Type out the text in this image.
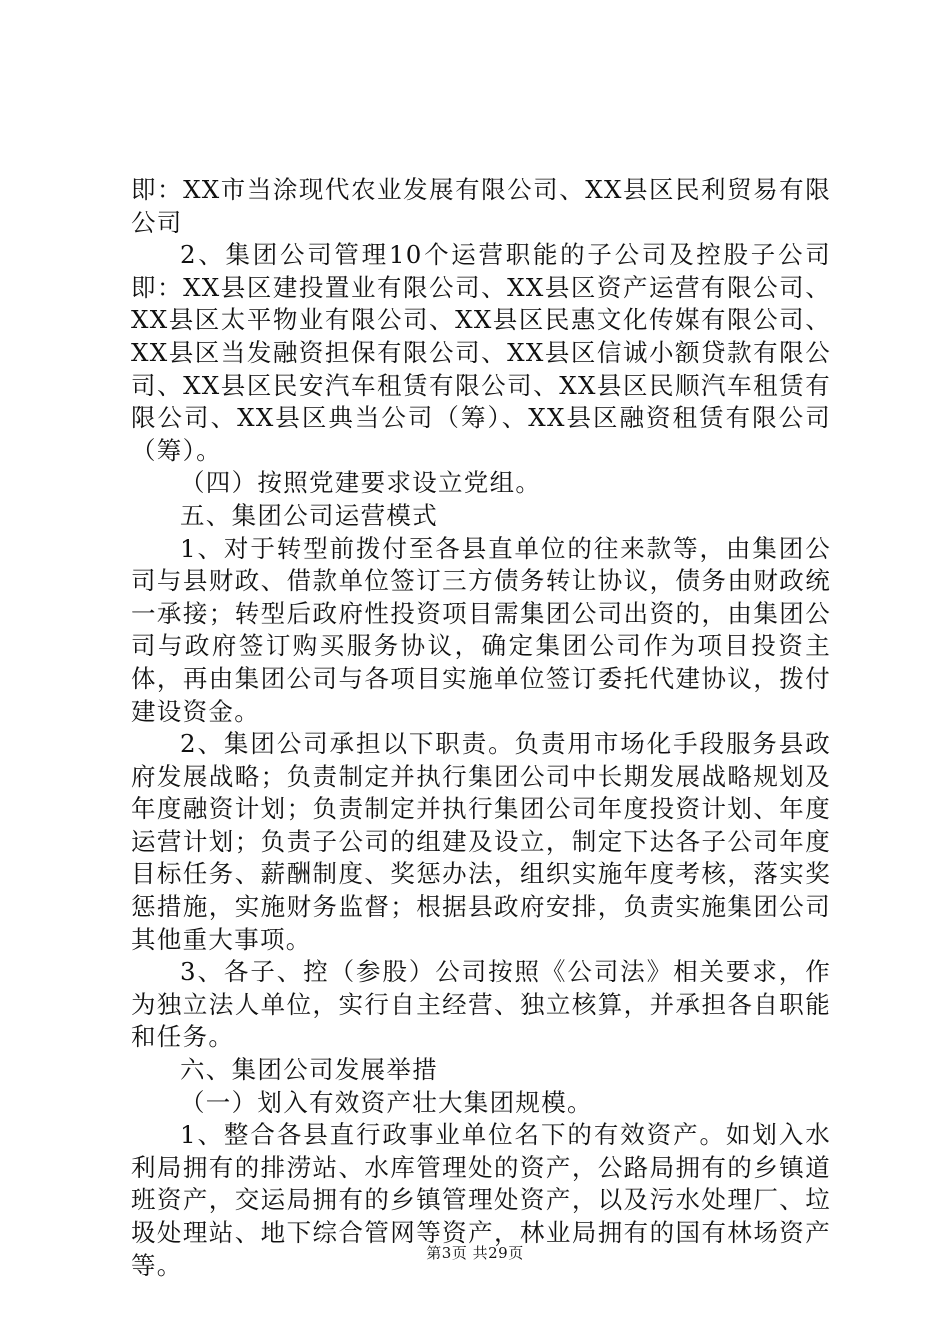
即：XX市当涂现代农业发展有限公司、XX县区民利贸易有限公司

2、集团公司管理10个运营职能的子公司及控股子公司即：XX县区建投置业有限公司、XX县区资产运营有限公司、XX县区太平物业有限公司、XX县区民惠文化传媒有限公司、XX县区当发融资担保有限公司、XX县区信诚小额贷款有限公司、XX县区民安汽车租赁有限公司、XX县区民顺汽车租赁有限公司、XX县区典当公司（筹）、XX县区融资租赁有限公司（筹）。

（四）按照党建要求设立党组。

五、集团公司运营模式

1、对于转型前拨付至各县直单位的往来款等，由集团公司与县财政、借款单位签订三方债务转让协议，债务由财政统一承接；转型后政府性投资项目需集团公司出资的，由集团公司与政府签订购买服务协议，确定集团公司作为项目投资主体，再由集团公司与各项目实施单位签订委托代建协议，拨付建设资金。

2、集团公司承担以下职责。负责用市场化手段服务县政府发展战略；负责制定并执行集团公司中长期发展战略规划及年度融资计划；负责制定并执行集团公司年度投资计划、年度运营计划；负责子公司的组建及设立，制定下达各子公司年度目标任务、薪酬制度、奖惩办法，组织实施年度考核，落实奖惩措施，实施财务监督；根据县政府安排，负责实施集团公司其他重大事项。

3、各子、控（参股）公司按照《公司法》相关要求，作为独立法人单位，实行自主经营、独立核算，并承担各自职能和任务。

六、集团公司发展举措

（一）划入有效资产壮大集团规模。

1、整合各县直行政事业单位名下的有效资产。如划入水利局拥有的排涝站、水库管理处的资产，公路局拥有的乡镇道班资产，交运局拥有的乡镇管理处资产，以及污水处理厂、垃圾处理站、地下综合管网等资产，林业局拥有的国有林场资产等。	第3页 共29页
